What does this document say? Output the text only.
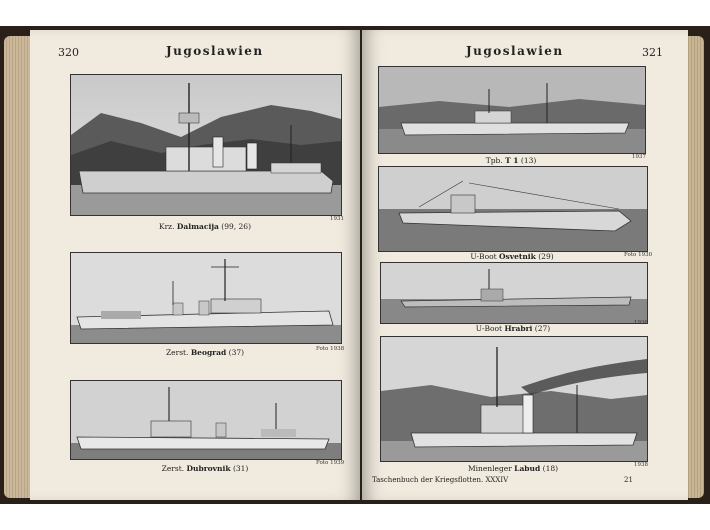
320	Jugoslawien
Krz. Dalmacija (99, 26)
1931
Zerst. Beograd (37)	Foto 1938
Zerst. Dubrovnik (31)
Foto 1939
Jugoslawien	321
Tpb. T 1 (13)	1937
U-Boot Osvetnik (29)	Foto 1930
U-Boot Hrabri (27)
1936
Minenleger Labud (18)	1938
Taschenbuch der Kriegsflotten. XXXIV	21
